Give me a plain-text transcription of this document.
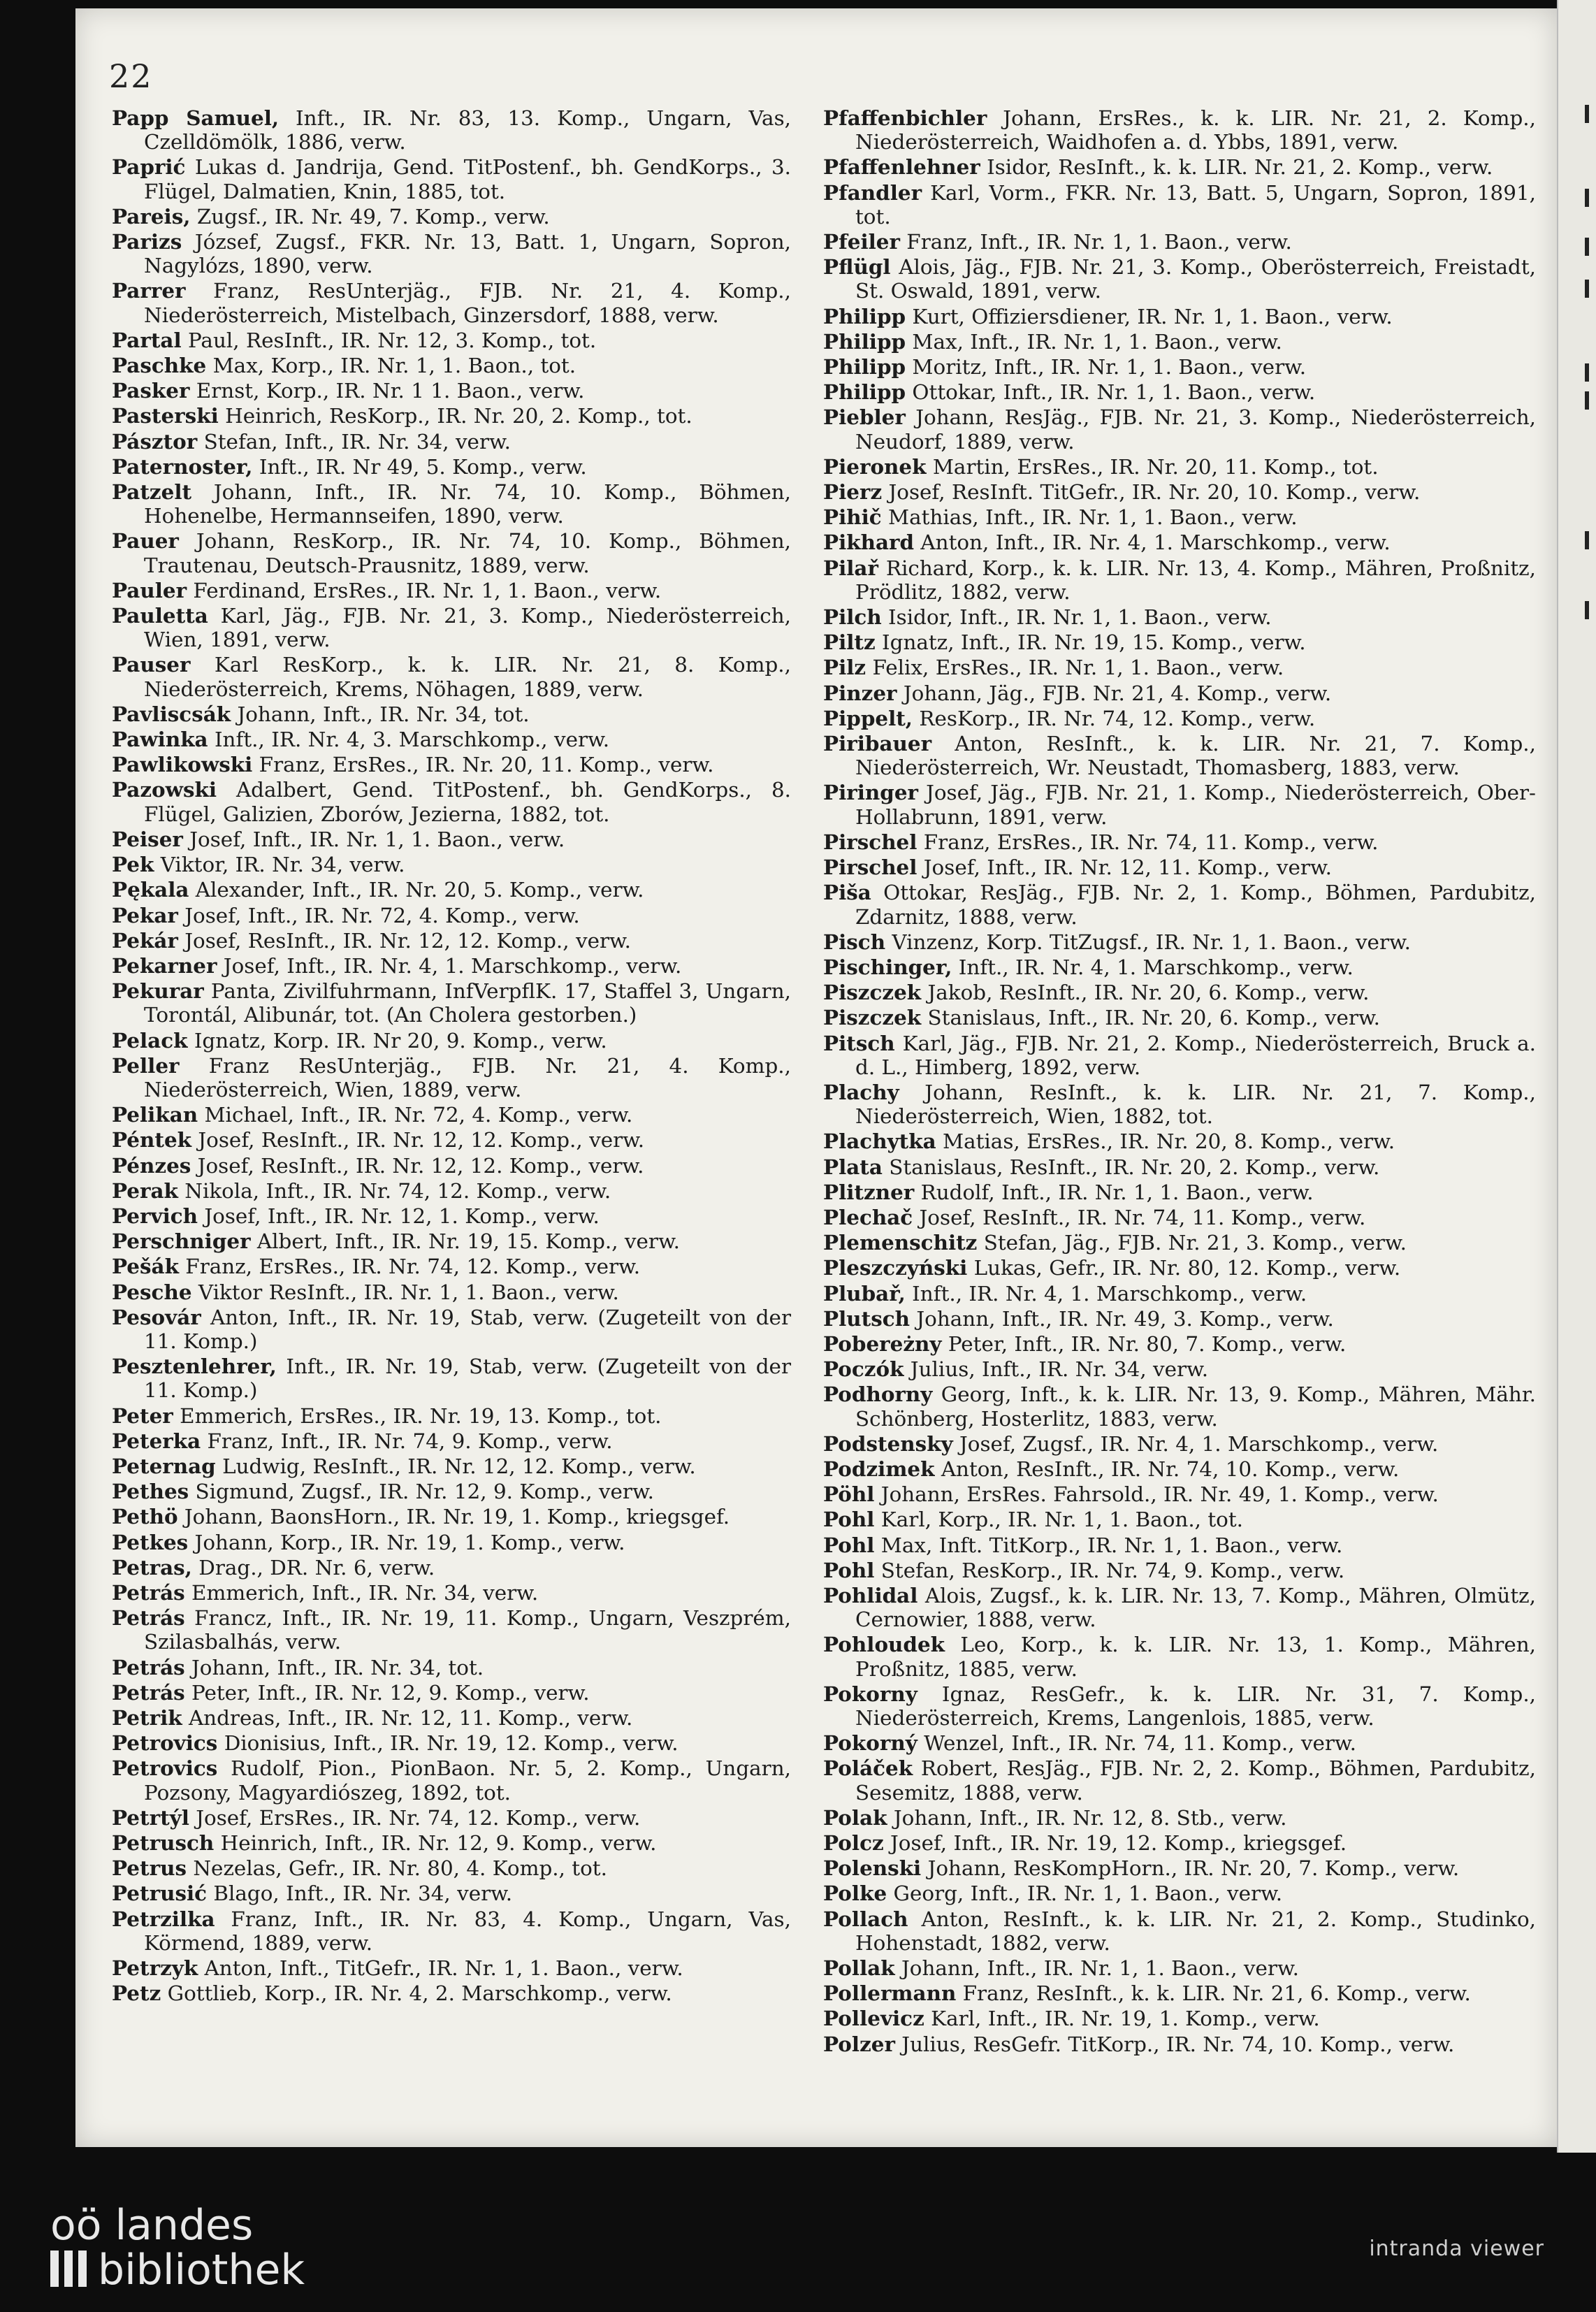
22
Papp Samuel, Inft., IR. Nr. 83, 13. Komp., Ungarn, Vas, Czelldömölk, 1886, verw.
Paprić Lukas d. Jandrija, Gend. TitPostenf., bh. GendKorps., 3. Flügel, Dalmatien, Knin, 1885, tot.
Pareis, Zugsf., IR. Nr. 49, 7. Komp., verw.
Parizs József, Zugsf., FKR. Nr. 13, Batt. 1, Ungarn, Sopron, Nagylózs, 1890, verw.
Parrer Franz, ResUnterjäg., FJB. Nr. 21, 4. Komp., Niederösterreich, Mistelbach, Ginzersdorf, 1888, verw.
Partal Paul, ResInft., IR. Nr. 12, 3. Komp., tot.
Paschke Max, Korp., IR. Nr. 1, 1. Baon., tot.
Pasker Ernst, Korp., IR. Nr. 1 1. Baon., verw.
Pasterski Heinrich, ResKorp., IR. Nr. 20, 2. Komp., tot.
Pásztor Stefan, Inft., IR. Nr. 34, verw.
Paternoster, Inft., IR. Nr 49, 5. Komp., verw.
Patzelt Johann, Inft., IR. Nr. 74, 10. Komp., Böhmen, Hohenelbe, Hermannseifen, 1890, verw.
Pauer Johann, ResKorp., IR. Nr. 74, 10. Komp., Böhmen, Trautenau, Deutsch-Prausnitz, 1889, verw.
Pauler Ferdinand, ErsRes., IR. Nr. 1, 1. Baon., verw.
Pauletta Karl, Jäg., FJB. Nr. 21, 3. Komp., Niederösterreich, Wien, 1891, verw.
Pauser Karl ResKorp., k. k. LIR. Nr. 21, 8. Komp., Niederösterreich, Krems, Nöhagen, 1889, verw.
Pavliscsák Johann, Inft., IR. Nr. 34, tot.
Pawinka Inft., IR. Nr. 4, 3. Marschkomp., verw.
Pawlikowski Franz, ErsRes., IR. Nr. 20, 11. Komp., verw.
Pazowski Adalbert, Gend. TitPostenf., bh. GendKorps., 8. Flügel, Galizien, Zborów, Jezierna, 1882, tot.
Peiser Josef, Inft., IR. Nr. 1, 1. Baon., verw.
Pek Viktor, IR. Nr. 34, verw.
Pękala Alexander, Inft., IR. Nr. 20, 5. Komp., verw.
Pekar Josef, Inft., IR. Nr. 72, 4. Komp., verw.
Pekár Josef, ResInft., IR. Nr. 12, 12. Komp., verw.
Pekarner Josef, Inft., IR. Nr. 4, 1. Marschkomp., verw.
Pekurar Panta, Zivilfuhrmann, InfVerpflK. 17, Staffel 3, Ungarn, Torontál, Alibunár, tot. (An Cholera gestorben.)
Pelack Ignatz, Korp. IR. Nr 20, 9. Komp., verw.
Peller Franz ResUnterjäg., FJB. Nr. 21, 4. Komp., Niederösterreich, Wien, 1889, verw.
Pelikan Michael, Inft., IR. Nr. 72, 4. Komp., verw.
Péntek Josef, ResInft., IR. Nr. 12, 12. Komp., verw.
Pénzes Josef, ResInft., IR. Nr. 12, 12. Komp., verw.
Perak Nikola, Inft., IR. Nr. 74, 12. Komp., verw.
Pervich Josef, Inft., IR. Nr. 12, 1. Komp., verw.
Perschniger Albert, Inft., IR. Nr. 19, 15. Komp., verw.
Pešák Franz, ErsRes., IR. Nr. 74, 12. Komp., verw.
Pesche Viktor ResInft., IR. Nr. 1, 1. Baon., verw.
Pesovár Anton, Inft., IR. Nr. 19, Stab, verw. (Zugeteilt von der 11. Komp.)
Pesztenlehrer, Inft., IR. Nr. 19, Stab, verw. (Zugeteilt von der 11. Komp.)
Peter Emmerich, ErsRes., IR. Nr. 19, 13. Komp., tot.
Peterka Franz, Inft., IR. Nr. 74, 9. Komp., verw.
Peternag Ludwig, ResInft., IR. Nr. 12, 12. Komp., verw.
Pethes Sigmund, Zugsf., IR. Nr. 12, 9. Komp., verw.
Pethö Johann, BaonsHorn., IR. Nr. 19, 1. Komp., kriegsgef.
Petkes Johann, Korp., IR. Nr. 19, 1. Komp., verw.
Petras, Drag., DR. Nr. 6, verw.
Petrás Emmerich, Inft., IR. Nr. 34, verw.
Petrás Francz, Inft., IR. Nr. 19, 11. Komp., Ungarn, Veszprém, Szilasbalhás, verw.
Petrás Johann, Inft., IR. Nr. 34, tot.
Petrás Peter, Inft., IR. Nr. 12, 9. Komp., verw.
Petrik Andreas, Inft., IR. Nr. 12, 11. Komp., verw.
Petrovics Dionisius, Inft., IR. Nr. 19, 12. Komp., verw.
Petrovics Rudolf, Pion., PionBaon. Nr. 5, 2. Komp., Ungarn, Pozsony, Magyardiószeg, 1892, tot.
Petrtýl Josef, ErsRes., IR. Nr. 74, 12. Komp., verw.
Petrusch Heinrich, Inft., IR. Nr. 12, 9. Komp., verw.
Petrus Nezelas, Gefr., IR. Nr. 80, 4. Komp., tot.
Petrusić Blago, Inft., IR. Nr. 34, verw.
Petrzilka Franz, Inft., IR. Nr. 83, 4. Komp., Ungarn, Vas, Körmend, 1889, verw.
Petrzyk Anton, Inft., TitGefr., IR. Nr. 1, 1. Baon., verw.
Petz Gottlieb, Korp., IR. Nr. 4, 2. Marschkomp., verw.
Pfaffenbichler Johann, ErsRes., k. k. LIR. Nr. 21, 2. Komp., Niederösterreich, Waidhofen a. d. Ybbs, 1891, verw.
Pfaffenlehner Isidor, ResInft., k. k. LIR. Nr. 21, 2. Komp., verw.
Pfandler Karl, Vorm., FKR. Nr. 13, Batt. 5, Ungarn, Sopron, 1891, tot.
Pfeiler Franz, Inft., IR. Nr. 1, 1. Baon., verw.
Pflügl Alois, Jäg., FJB. Nr. 21, 3. Komp., Oberösterreich, Freistadt, St. Oswald, 1891, verw.
Philipp Kurt, Offiziersdiener, IR. Nr. 1, 1. Baon., verw.
Philipp Max, Inft., IR. Nr. 1, 1. Baon., verw.
Philipp Moritz, Inft., IR. Nr. 1, 1. Baon., verw.
Philipp Ottokar, Inft., IR. Nr. 1, 1. Baon., verw.
Piebler Johann, ResJäg., FJB. Nr. 21, 3. Komp., Niederösterreich, Neudorf, 1889, verw.
Pieronek Martin, ErsRes., IR. Nr. 20, 11. Komp., tot.
Pierz Josef, ResInft. TitGefr., IR. Nr. 20, 10. Komp., verw.
Pihič Mathias, Inft., IR. Nr. 1, 1. Baon., verw.
Pikhard Anton, Inft., IR. Nr. 4, 1. Marschkomp., verw.
Pilař Richard, Korp., k. k. LIR. Nr. 13, 4. Komp., Mähren, Proßnitz, Prödlitz, 1882, verw.
Pilch Isidor, Inft., IR. Nr. 1, 1. Baon., verw.
Piltz Ignatz, Inft., IR. Nr. 19, 15. Komp., verw.
Pilz Felix, ErsRes., IR. Nr. 1, 1. Baon., verw.
Pinzer Johann, Jäg., FJB. Nr. 21, 4. Komp., verw.
Pippelt, ResKorp., IR. Nr. 74, 12. Komp., verw.
Piribauer Anton, ResInft., k. k. LIR. Nr. 21, 7. Komp., Niederösterreich, Wr. Neustadt, Thomasberg, 1883, verw.
Piringer Josef, Jäg., FJB. Nr. 21, 1. Komp., Niederösterreich, Ober-Hollabrunn, 1891, verw.
Pirschel Franz, ErsRes., IR. Nr. 74, 11. Komp., verw.
Pirschel Josef, Inft., IR. Nr. 12, 11. Komp., verw.
Piša Ottokar, ResJäg., FJB. Nr. 2, 1. Komp., Böhmen, Pardubitz, Zdarnitz, 1888, verw.
Pisch Vinzenz, Korp. TitZugsf., IR. Nr. 1, 1. Baon., verw.
Pischinger, Inft., IR. Nr. 4, 1. Marschkomp., verw.
Piszczek Jakob, ResInft., IR. Nr. 20, 6. Komp., verw.
Piszczek Stanislaus, Inft., IR. Nr. 20, 6. Komp., verw.
Pitsch Karl, Jäg., FJB. Nr. 21, 2. Komp., Niederösterreich, Bruck a. d. L., Himberg, 1892, verw.
Plachy Johann, ResInft., k. k. LIR. Nr. 21, 7. Komp., Niederösterreich, Wien, 1882, tot.
Plachytka Matias, ErsRes., IR. Nr. 20, 8. Komp., verw.
Plata Stanislaus, ResInft., IR. Nr. 20, 2. Komp., verw.
Plitzner Rudolf, Inft., IR. Nr. 1, 1. Baon., verw.
Plechač Josef, ResInft., IR. Nr. 74, 11. Komp., verw.
Plemenschitz Stefan, Jäg., FJB. Nr. 21, 3. Komp., verw.
Pleszczyński Lukas, Gefr., IR. Nr. 80, 12. Komp., verw.
Plubař, Inft., IR. Nr. 4, 1. Marschkomp., verw.
Plutsch Johann, Inft., IR. Nr. 49, 3. Komp., verw.
Pobereżny Peter, Inft., IR. Nr. 80, 7. Komp., verw.
Poczók Julius, Inft., IR. Nr. 34, verw.
Podhorny Georg, Inft., k. k. LIR. Nr. 13, 9. Komp., Mähren, Mähr. Schönberg, Hosterlitz, 1883, verw.
Podstensky Josef, Zugsf., IR. Nr. 4, 1. Marschkomp., verw.
Podzimek Anton, ResInft., IR. Nr. 74, 10. Komp., verw.
Pöhl Johann, ErsRes. Fahrsold., IR. Nr. 49, 1. Komp., verw.
Pohl Karl, Korp., IR. Nr. 1, 1. Baon., tot.
Pohl Max, Inft. TitKorp., IR. Nr. 1, 1. Baon., verw.
Pohl Stefan, ResKorp., IR. Nr. 74, 9. Komp., verw.
Pohlidal Alois, Zugsf., k. k. LIR. Nr. 13, 7. Komp., Mähren, Olmütz, Cernowier, 1888, verw.
Pohloudek Leo, Korp., k. k. LIR. Nr. 13, 1. Komp., Mähren, Proßnitz, 1885, verw.
Pokorny Ignaz, ResGefr., k. k. LIR. Nr. 31, 7. Komp., Niederösterreich, Krems, Langenlois, 1885, verw.
Pokorný Wenzel, Inft., IR. Nr. 74, 11. Komp., verw.
Poláček Robert, ResJäg., FJB. Nr. 2, 2. Komp., Böhmen, Pardubitz, Sesemitz, 1888, verw.
Polak Johann, Inft., IR. Nr. 12, 8. Stb., verw.
Polcz Josef, Inft., IR. Nr. 19, 12. Komp., kriegsgef.
Polenski Johann, ResKompHorn., IR. Nr. 20, 7. Komp., verw.
Polke Georg, Inft., IR. Nr. 1, 1. Baon., verw.
Pollach Anton, ResInft., k. k. LIR. Nr. 21, 2. Komp., Studinko, Hohenstadt, 1882, verw.
Pollak Johann, Inft., IR. Nr. 1, 1. Baon., verw.
Pollermann Franz, ResInft., k. k. LIR. Nr. 21, 6. Komp., verw.
Pollevicz Karl, Inft., IR. Nr. 19, 1. Komp., verw.
Polzer Julius, ResGefr. TitKorp., IR. Nr. 74, 10. Komp., verw.
oö landes
bibliothek	intranda viewer
